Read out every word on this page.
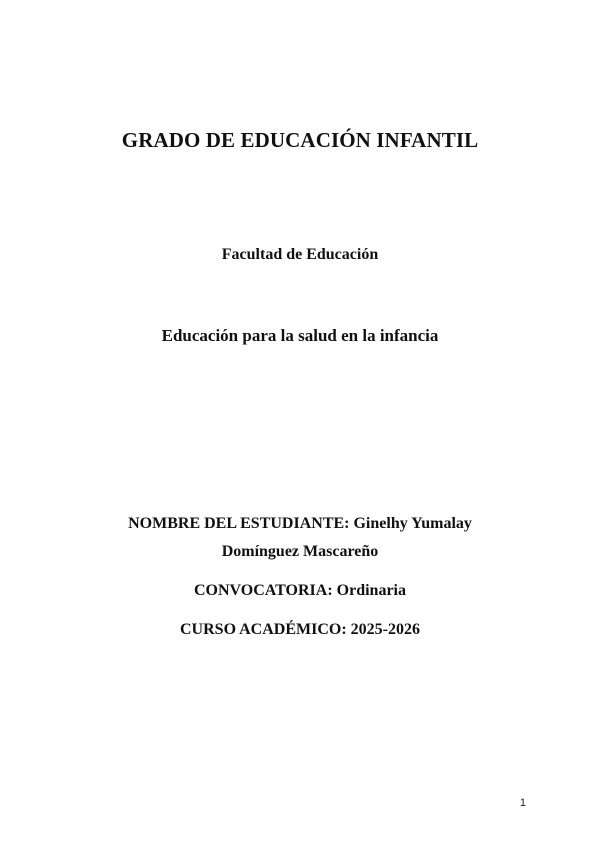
GRADO DE EDUCACIÓN INFANTIL
Facultad de Educación
Educación para la salud en la infancia
NOMBRE DEL ESTUDIANTE: Ginelhy Yumalay
Domínguez Mascareño
CONVOCATORIA: Ordinaria
CURSO ACADÉMICO: 2025-2026
1
